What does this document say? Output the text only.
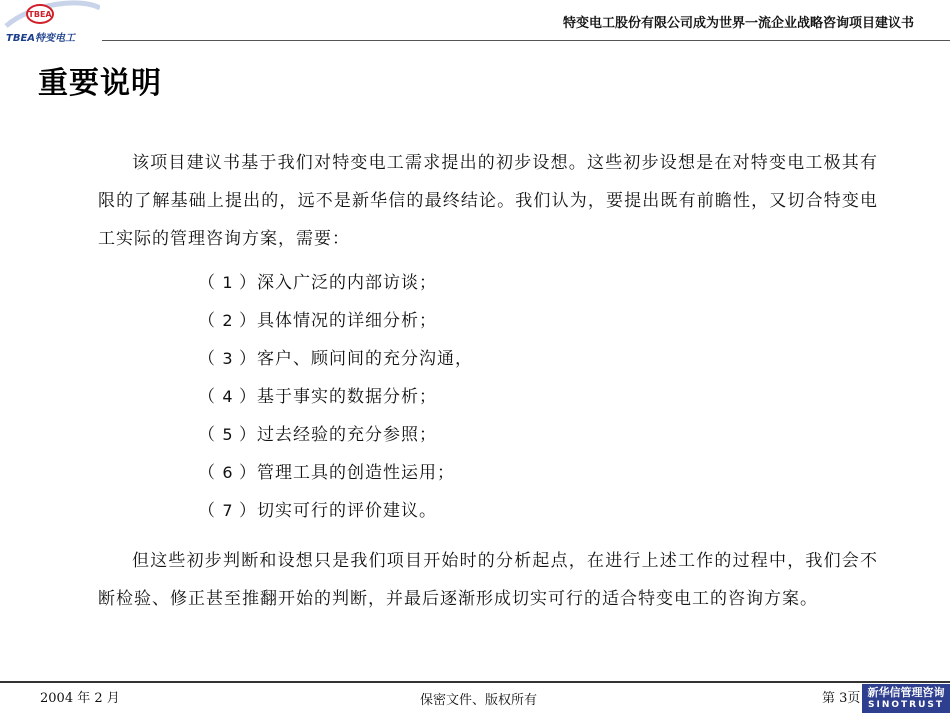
TBEA
TBEA特变电工
特变电工股份有限公司成为世界一流企业战略咨询项目建议书
重要说明
该项目建议书基于我们对特变电工需求提出的初步设想。这些初步设想是在对特变电工极其有限的了解基础上提出的，远不是新华信的最终结论。我们认为，要提出既有前瞻性，又切合特变电工实际的管理咨询方案，需要：
（ 1 ）深入广泛的内部访谈；
（ 2 ）具体情况的详细分析；
（ 3 ）客户、顾问间的充分沟通，
（ 4 ）基于事实的数据分析；
（ 5 ）过去经验的充分参照；
（ 6 ）管理工具的创造性运用；
（ 7 ）切实可行的评价建议。
但这些初步判断和设想只是我们项目开始时的分析起点，在进行上述工作的过程中，我们会不断检验、修正甚至推翻开始的判断，并最后逐渐形成切实可行的适合特变电工的咨询方案。
2004 年 2 月	保密文件、版权所有	第 3页 新华信管理咨询
SINOTRUST
